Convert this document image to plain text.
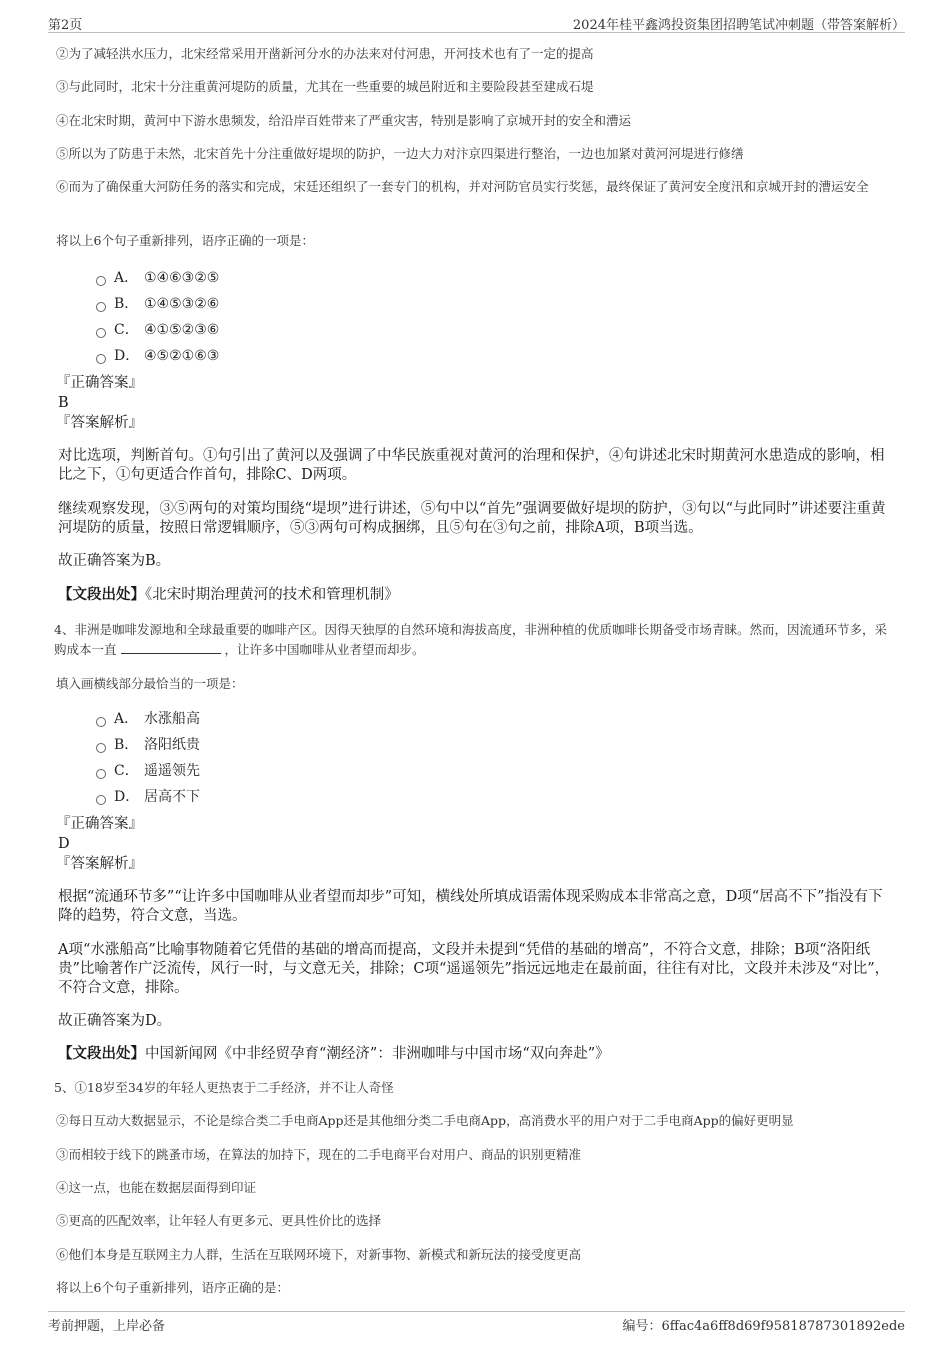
第2页	2024年桂平鑫鸿投资集团招聘笔试冲刺题（带答案解析）
②为了减轻洪水压力，北宋经常采用开凿新河分水的办法来对付河患，开河技术也有了一定的提高
③与此同时，北宋十分注重黄河堤防的质量，尤其在一些重要的城邑附近和主要险段甚至建成石堤
④在北宋时期，黄河中下游水患频发，给沿岸百姓带来了严重灾害，特别是影响了京城开封的安全和漕运
⑤所以为了防患于未然，北宋首先十分注重做好堤坝的防护，一边大力对汴京四渠进行整治，一边也加紧对黄河河堤进行修缮
⑥而为了确保重大河防任务的落实和完成，宋廷还组织了一套专门的机构，并对河防官员实行奖惩，最终保证了黄河安全度汛和京城开封的漕运安全
将以上6个句子重新排列，语序正确的一项是：
A． ①④⑥③②⑤
B． ①④⑤③②⑥
C． ④①⑤②③⑥
D． ④⑤②①⑥③
『正确答案』
B
『答案解析』
对比选项，判断首句。①句引出了黄河以及强调了中华民族重视对黄河的治理和保护，④句讲述北宋时期黄河水患造成的影响，相比之下，①句更适合作首句，排除C、D两项。
继续观察发现，③⑤两句的对策均围绕“堤坝”进行讲述，⑤句中以“首先”强调要做好堤坝的防护，③句以“与此同时”讲述要注重黄河堤防的质量，按照日常逻辑顺序，⑤③两句可构成捆绑，且⑤句在③句之前，排除A项，B项当选。
故正确答案为B。
【文段出处】《北宋时期治理黄河的技术和管理机制》
4、非洲是咖啡发源地和全球最重要的咖啡产区。因得天独厚的自然环境和海拔高度，非洲种植的优质咖啡长期备受市场青睐。然而，因流通环节多，采购成本一直	，让许多中国咖啡从业者望而却步。
填入画横线部分最恰当的一项是：
A． 水涨船高
B． 洛阳纸贵
C． 遥遥领先
D． 居高不下
『正确答案』
D
『答案解析』
根据“流通环节多”“让许多中国咖啡从业者望而却步”可知，横线处所填成语需体现采购成本非常高之意，D项“居高不下”指没有下降的趋势，符合文意，当选。
A项“水涨船高”比喻事物随着它凭借的基础的增高而提高，文段并未提到“凭借的基础的增高”，不符合文意，排除；B项“洛阳纸贵”比喻著作广泛流传，风行一时，与文意无关，排除；C项“遥遥领先”指远远地走在最前面，往往有对比，文段并未涉及“对比”，不符合文意，排除。
故正确答案为D。
【文段出处】中国新闻网《中非经贸孕育“潮经济”：非洲咖啡与中国市场“双向奔赴”》
5、①18岁至34岁的年轻人更热衷于二手经济，并不让人奇怪
②每日互动大数据显示，不论是综合类二手电商App还是其他细分类二手电商App，高消费水平的用户对于二手电商App的偏好更明显
③而相较于线下的跳蚤市场，在算法的加持下，现在的二手电商平台对用户、商品的识别更精准
④这一点，也能在数据层面得到印证
⑤更高的匹配效率，让年轻人有更多元、更具性价比的选择
⑥他们本身是互联网主力人群，生活在互联网环境下，对新事物、新模式和新玩法的接受度更高
将以上6个句子重新排列，语序正确的是：
考前押题，上岸必备	编号：6ffac4a6ff8d69f95818787301892ede
